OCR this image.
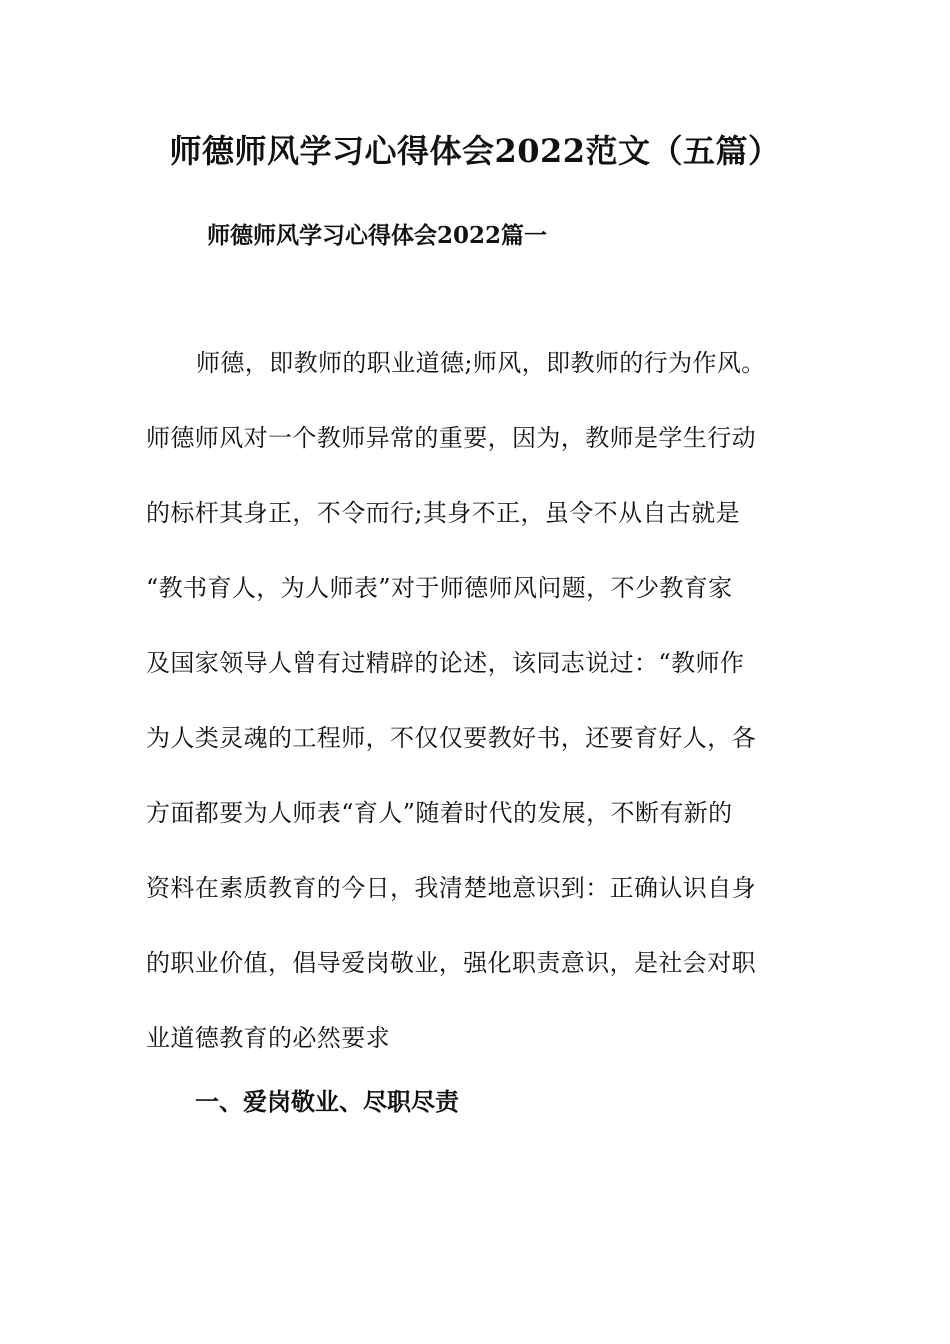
师德师风学习心得体会2022范文（五篇）
师德师风学习心得体会2022篇一
师德，即教师的职业道德;师风，即教师的行为作风。
师德师风对一个教师异常的重要，因为，教师是学生行动
的标杆其身正，不令而行;其身不正，虽令不从自古就是
“教书育人，为人师表”对于师德师风问题，不少教育家
及国家领导人曾有过精辟的论述，该同志说过：“教师作
为人类灵魂的工程师，不仅仅要教好书，还要育好人，各
方面都要为人师表“育人”随着时代的发展，不断有新的
资料在素质教育的今日，我清楚地意识到：正确认识自身
的职业价值，倡导爱岗敬业，强化职责意识，是社会对职
业道德教育的必然要求
一、爱岗敬业、尽职尽责
